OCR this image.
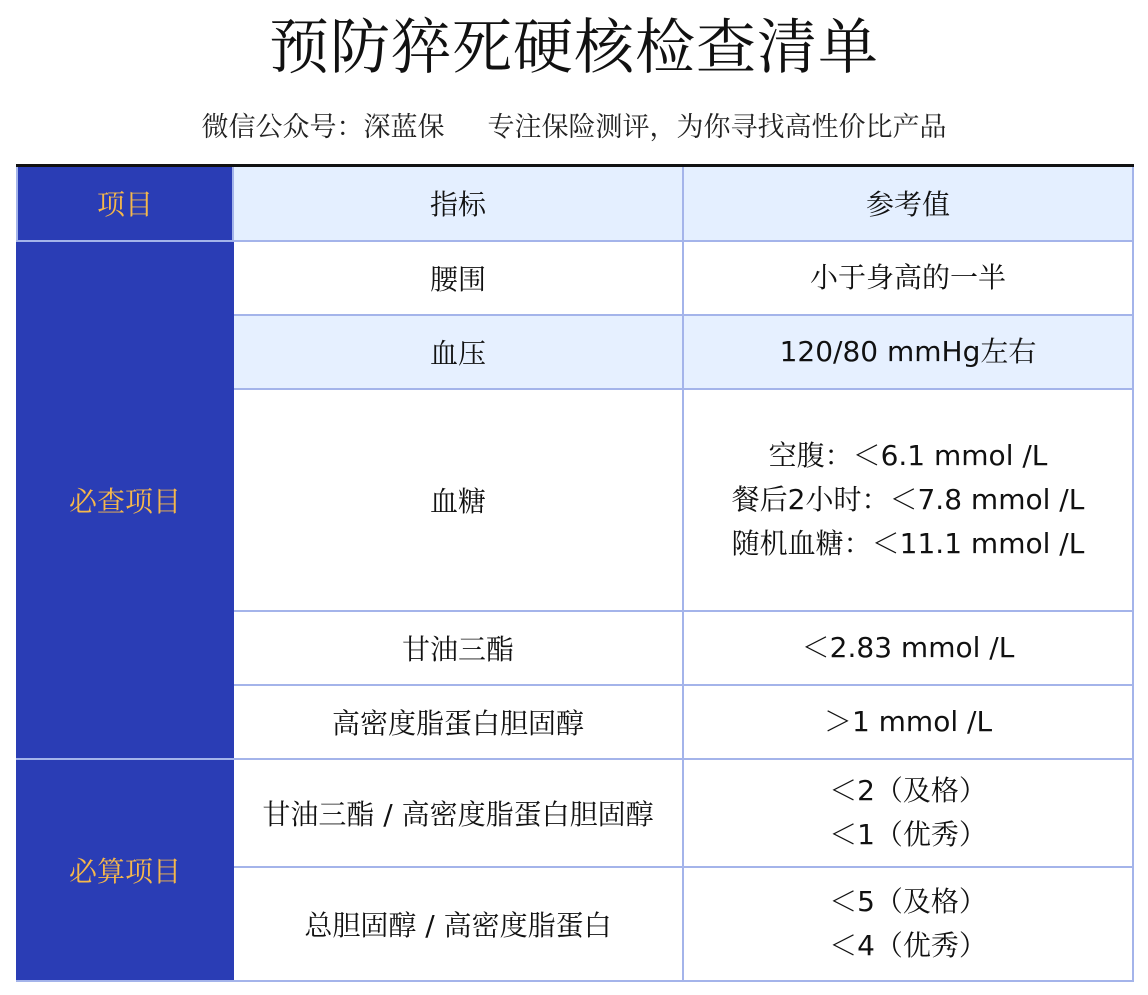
预防猝死硬核检查清单
微信公众号：深蓝保     专注保险测评，为你寻找高性价比产品
项目	指标	参考值
必查项目	腰围	小于身高的一半

	血压	120/80 mmHg左右

	血糖	空腹：＜6.1 mmol /L
餐后2小时：＜7.8 mmol /L
随机血糖：＜11.1 mmol /L

	甘油三酯	＜2.83 mmol /L

	高密度脂蛋白胆固醇	＞1 mmol /L

必算项目	甘油三酯 / 高密度脂蛋白胆固醇	＜2（及格）
＜1（优秀）

	总胆固醇 / 高密度脂蛋白	＜5（及格）
＜4（优秀）
